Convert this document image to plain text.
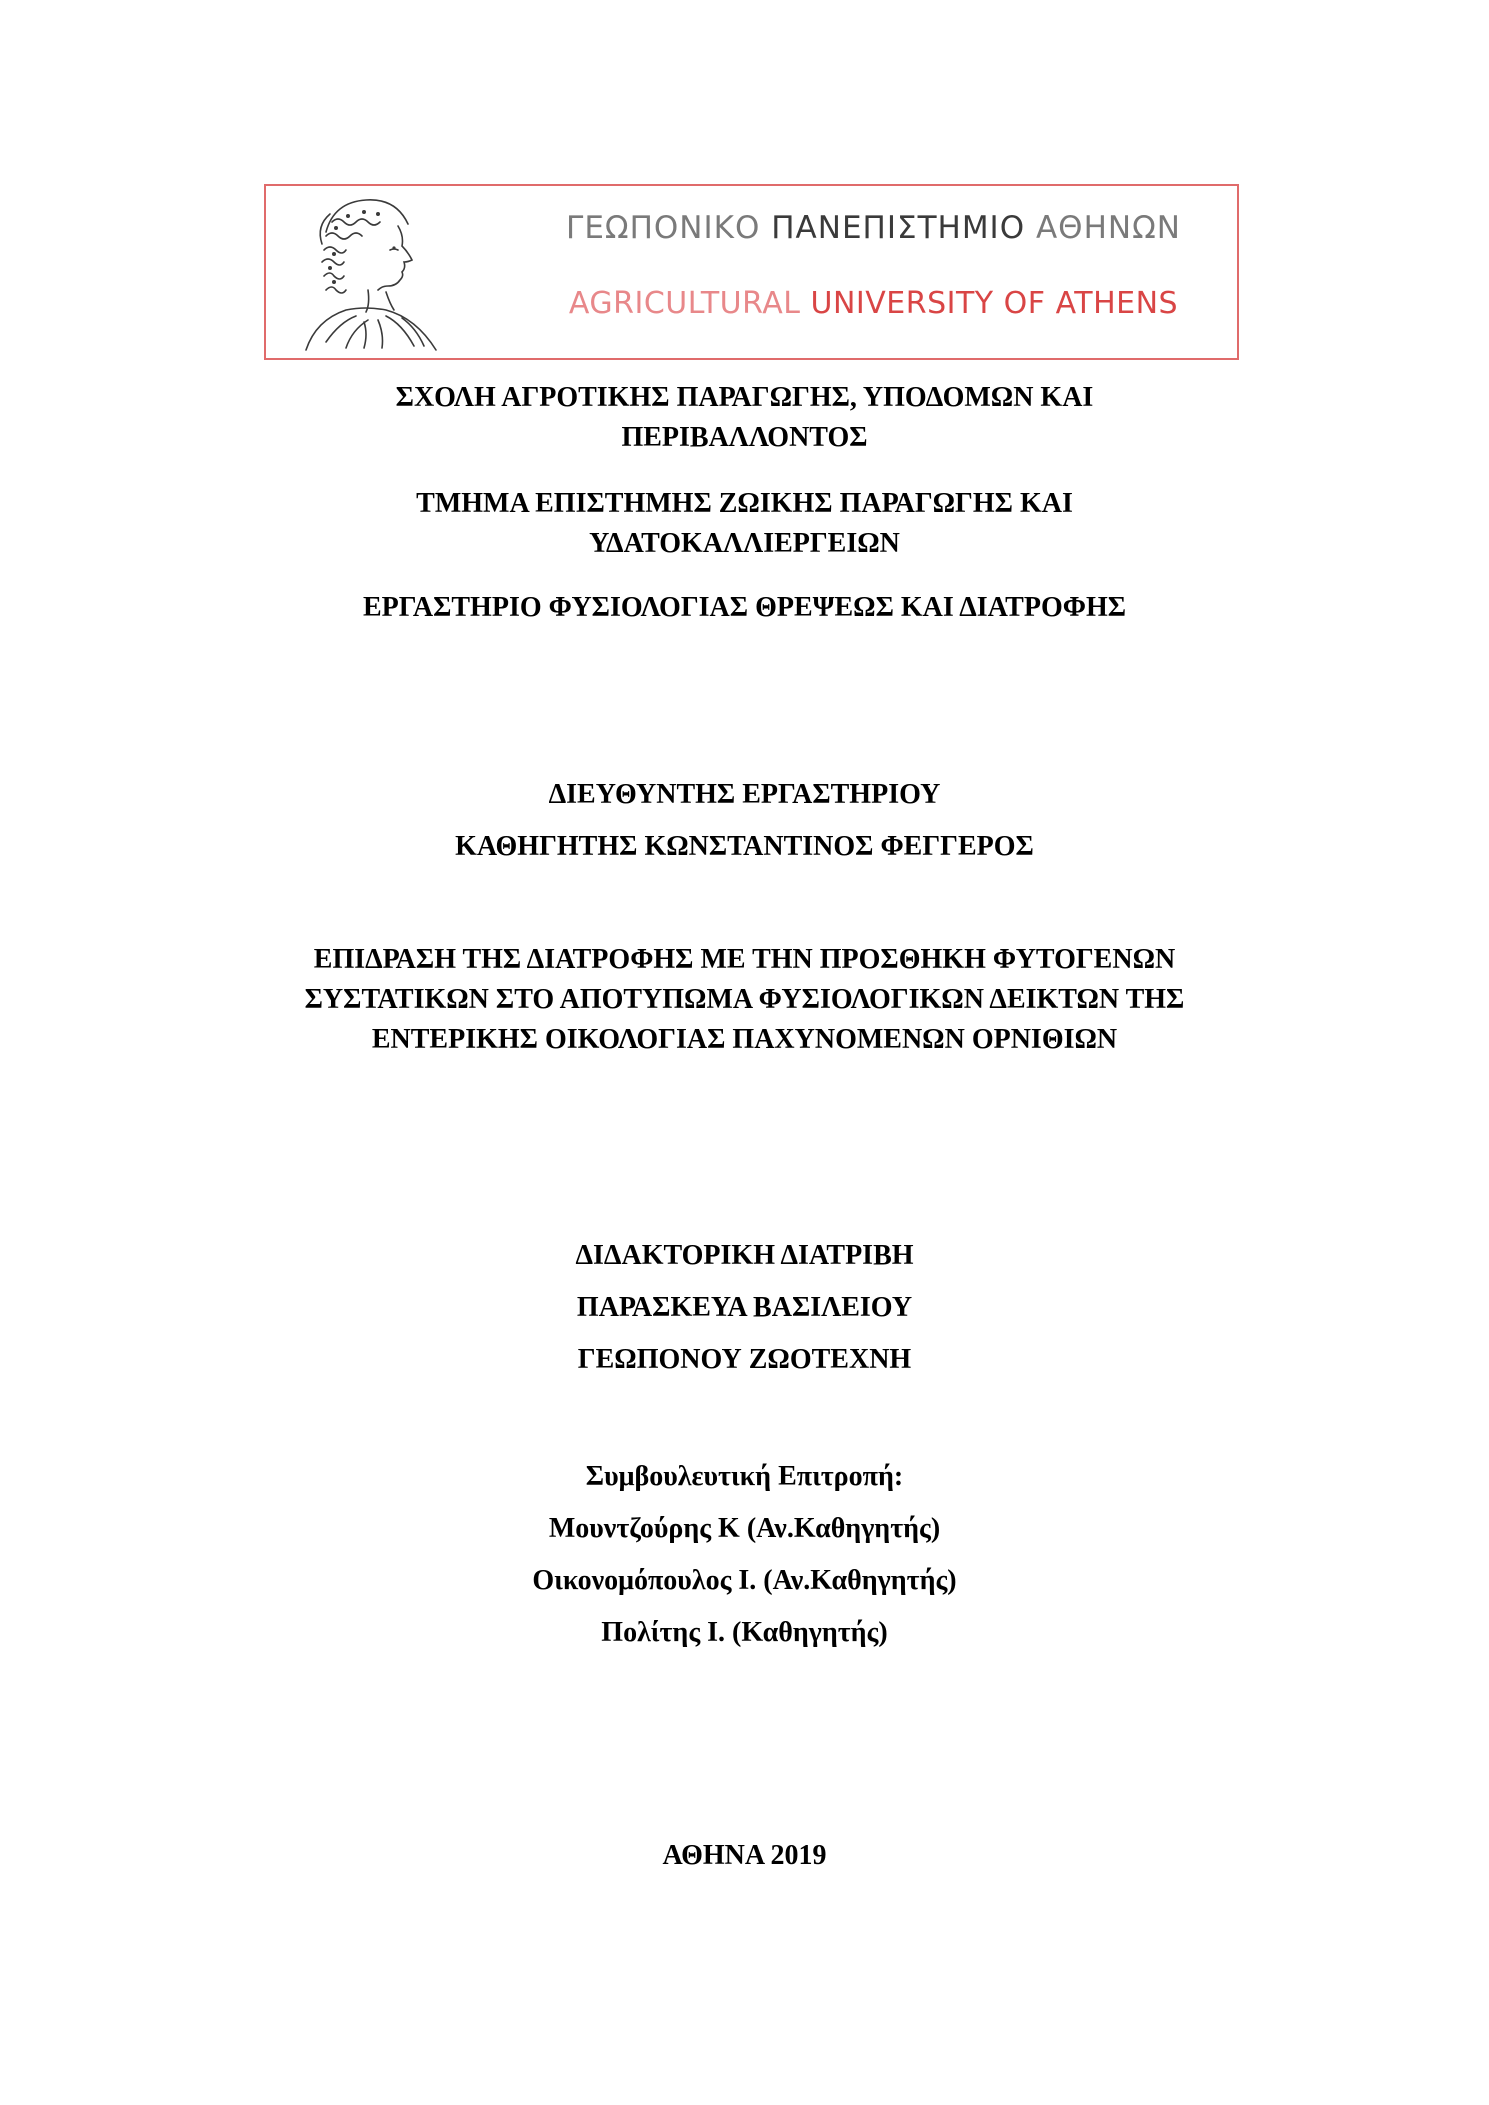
ΓΕΩΠΟΝΙΚΟ ΠΑΝΕΠΙΣΤΗΜΙΟ ΑΘΗΝΩΝ
AGRICULTURAL UNIVERSITY OF ATHENS
ΣΧΟΛΗ ΑΓΡΟΤΙΚΗΣ ΠΑΡΑΓΩΓΗΣ, ΥΠΟΔΟΜΩΝ ΚΑΙ
ΠΕΡΙΒΑΛΛΟΝΤΟΣ
ΤΜΗΜΑ ΕΠΙΣΤΗΜΗΣ ΖΩΙΚΗΣ ΠΑΡΑΓΩΓΗΣ ΚΑΙ
ΥΔΑΤΟΚΑΛΛΙΕΡΓΕΙΩΝ
ΕΡΓΑΣΤΗΡΙΟ ΦΥΣΙΟΛΟΓΙΑΣ ΘΡΕΨΕΩΣ ΚΑΙ ΔΙΑΤΡΟΦΗΣ
ΔΙΕΥΘΥΝΤΗΣ ΕΡΓΑΣΤΗΡΙΟΥ
ΚΑΘΗΓΗΤΗΣ ΚΩΝΣΤΑΝΤΙΝΟΣ ΦΕΓΓΕΡΟΣ
ΕΠΙΔΡΑΣΗ ΤΗΣ ΔΙΑΤΡΟΦΗΣ ΜΕ ΤΗΝ ΠΡΟΣΘΗΚΗ ΦΥΤΟΓΕΝΩΝ
ΣΥΣΤΑΤΙΚΩΝ ΣΤΟ ΑΠΟΤΥΠΩΜΑ ΦΥΣΙΟΛΟΓΙΚΩΝ ΔΕΙΚΤΩΝ ΤΗΣ
ΕΝΤΕΡΙΚΗΣ ΟΙΚΟΛΟΓΙΑΣ ΠΑΧΥΝΟΜΕΝΩΝ ΟΡΝΙΘΙΩΝ
ΔΙΔΑΚΤΟΡΙΚΗ ΔΙΑΤΡΙΒΗ
ΠΑΡΑΣΚΕΥΑ ΒΑΣΙΛΕΙΟΥ
ΓΕΩΠΟΝΟΥ ΖΩΟΤΕΧΝΗ
Συμβουλευτική Επιτροπή:
Μουντζούρης Κ (Αν.Καθηγητής)
Οικονομόπουλος Ι. (Αν.Καθηγητής)
Πολίτης Ι. (Καθηγητής)
ΑΘΗΝΑ 2019
